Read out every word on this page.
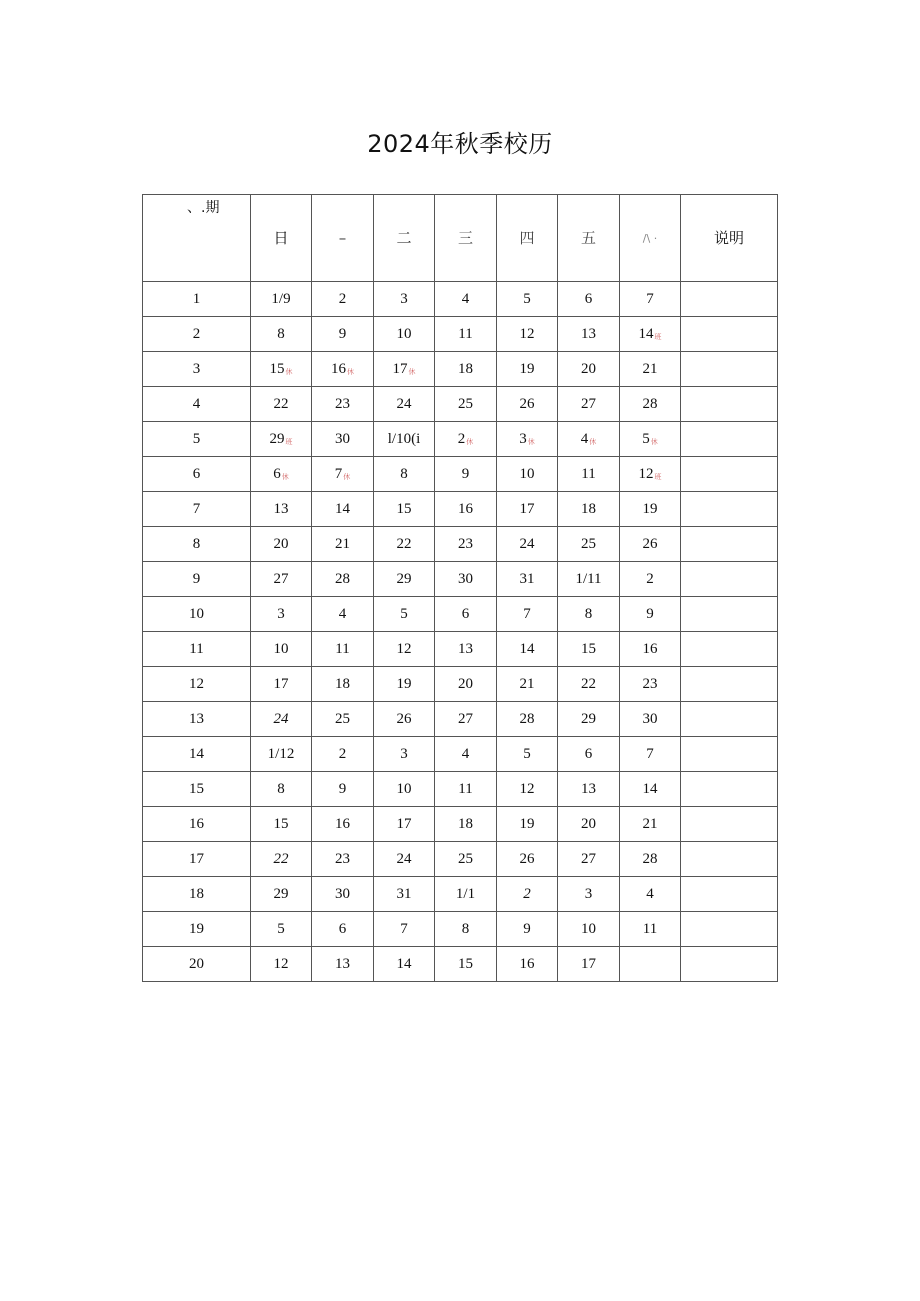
2024年秋季校历
、.期	日	–	二	三	四	五	/\ ·	说明
1	1/9	2	3	4	5	6	7	
2	8	9	10	11	12	13	14班	
3	15休	16休	17休	18	19	20	21	
4	22	23	24	25	26	27	28	
5	29班	30	l/10(i	2休	3休	4休	5休	
6	6休	7休	8	9	10	11	12班	
7	13	14	15	16	17	18	19	
8	20	21	22	23	24	25	26	
9	27	28	29	30	31	1/11	2	
10	3	4	5	6	7	8	9	
11	10	11	12	13	14	15	16	
12	17	18	19	20	21	22	23	
13	24	25	26	27	28	29	30	
14	1/12	2	3	4	5	6	7	
15	8	9	10	11	12	13	14	
16	15	16	17	18	19	20	21	
17	22	23	24	25	26	27	28	
18	29	30	31	1/1	2	3	4	
19	5	6	7	8	9	10	11	
20	12	13	14	15	16	17		
